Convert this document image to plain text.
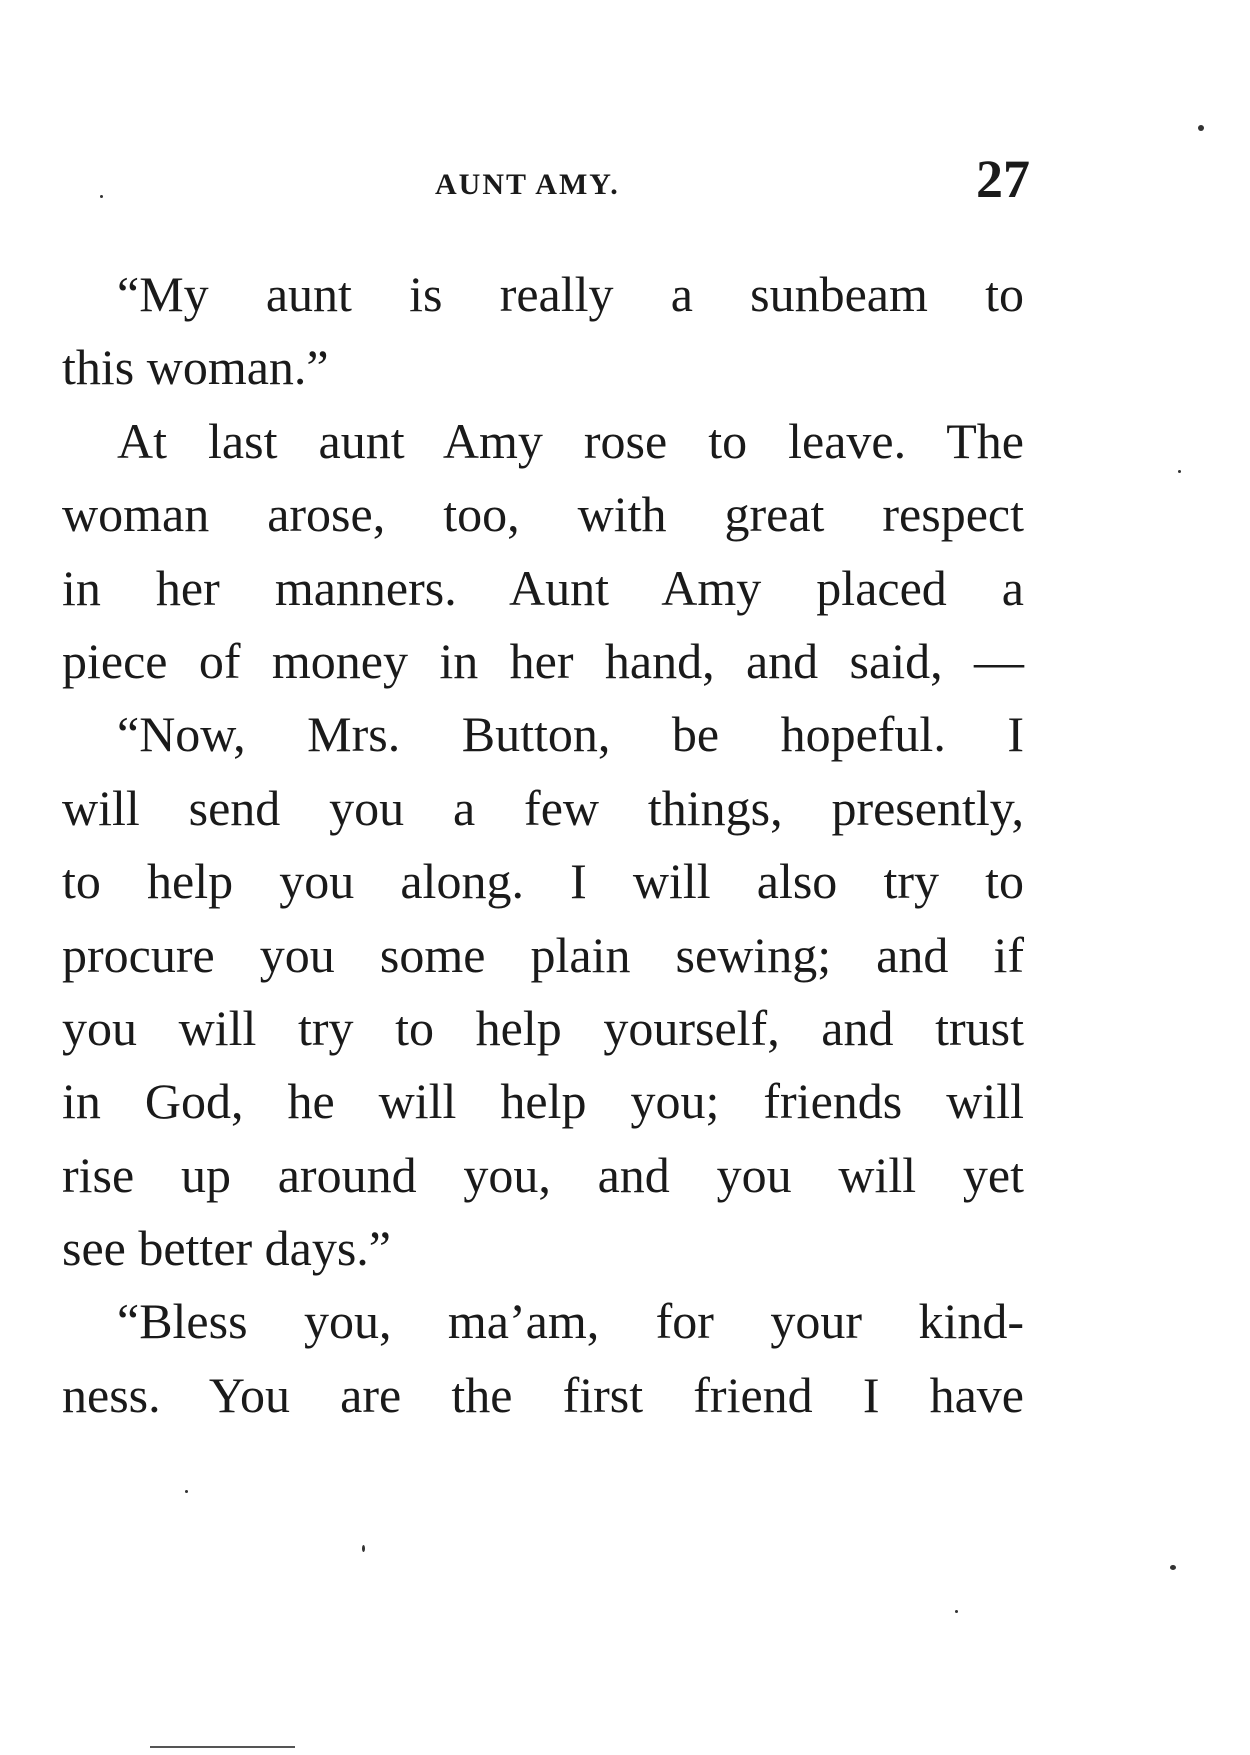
AUNT AMY.	27
“My aunt is really a sunbeam to
this woman.”
At last aunt Amy rose to leave. The
woman arose, too, with great respect
in her manners. Aunt Amy placed a
piece of money in her hand, and said, —
“Now, Mrs. Button, be hopeful. I
will send you a few things, presently,
to help you along. I will also try to
procure you some plain sewing; and if
you will try to help yourself, and trust
in God, he will help you; friends will
rise up around you, and you will yet
see better days.”
“Bless you, ma’am, for your kind-
ness. You are the first friend I have
